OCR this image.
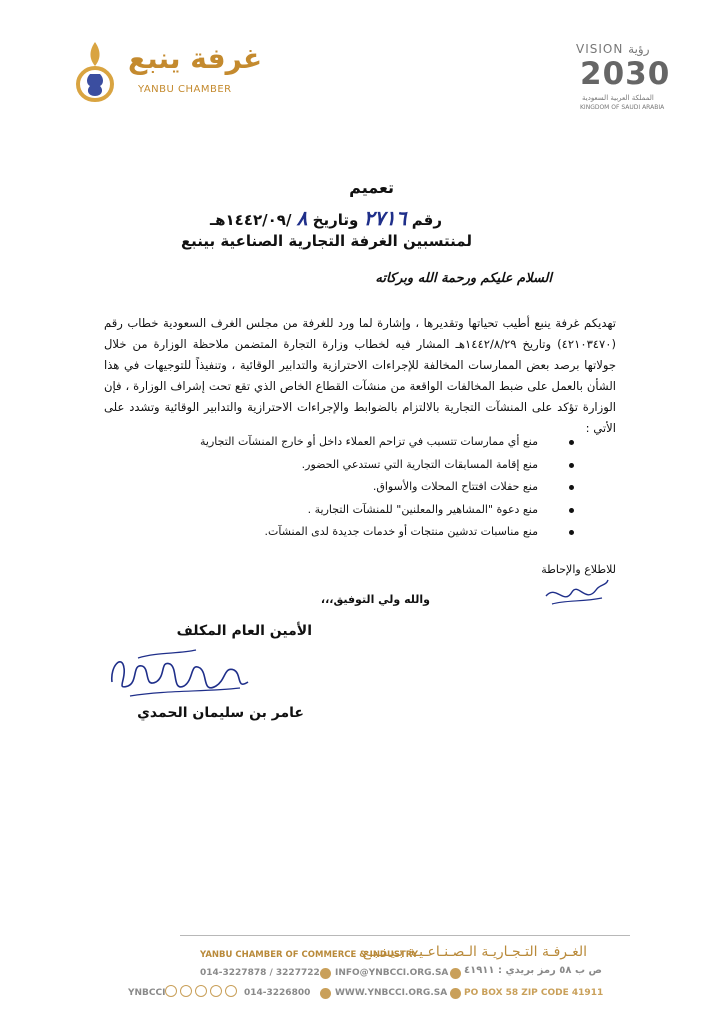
غرفة ينبع
YANBU CHAMBER
VISION رؤية
2030
المملكة العربية السعودية
KINGDOM OF SAUDI ARABIA
تعميم
رقم ٢٧١٦ وتاريخ ٨ /١٤٤٢/٠٩هـ
لمنتسبين الغرفة التجارية الصناعية بينبع
السلام عليكم ورحمة الله وبركاته
تهديكم غرفة ينبع أطيب تحياتها وتقديرها ، وإشارة لما ورد للغرفة من مجلس الغرف السعودية خطاب رقم (٤٢١٠٣٤٧٠) وتاريخ ١٤٤٢/٨/٢٩هـ المشار فيه لخطاب وزارة التجارة المتضمن ملاحظة الوزارة من خلال جولاتها برصد بعض الممارسات المخالفة للإجراءات الاحترازية والتدابير الوقائية ، وتنفيذاً للتوجيهات في هذا الشأن بالعمل على ضبط المخالفات الواقعة من منشآت القطاع الخاص الذي تقع تحت إشراف الوزارة ، فإن الوزارة تؤكد على المنشآت التجارية بالالتزام بالضوابط والإجراءات الاحترازية والتدابير الوقائية وتشدد على الأتي :
منع أي ممارسات تتسبب في تزاحم العملاء داخل أو خارج المنشآت التجارية
منع إقامة المسابقات التجارية التي تستدعي الحضور.
منع حفلات افتتاح المحلات والأسواق.
منع دعوة "المشاهير والمعلنين" للمنشآت التجارية .
منع مناسبات تدشين منتجات أو خدمات جديدة لدى المنشآت.
للاطلاع والإحاطة
والله ولي التوفيق،،،
الأمين العام المكلف
عامر بن سليمان الحمدي
الغـرفـة التـجـاريـة الـصـنـاعـيـة بـيـنـبـع
YANBU CHAMBER OF COMMERCE & INDUSTRY
014-3227878 / 3227722 INFO@YNBCCI.ORG.SA ص ب ٥٨ رمز بريدي : ٤١٩١١
YNBCCI	014-3226800	WWW.YNBCCI.ORG.SA PO BOX 58 ZIP CODE 41911
